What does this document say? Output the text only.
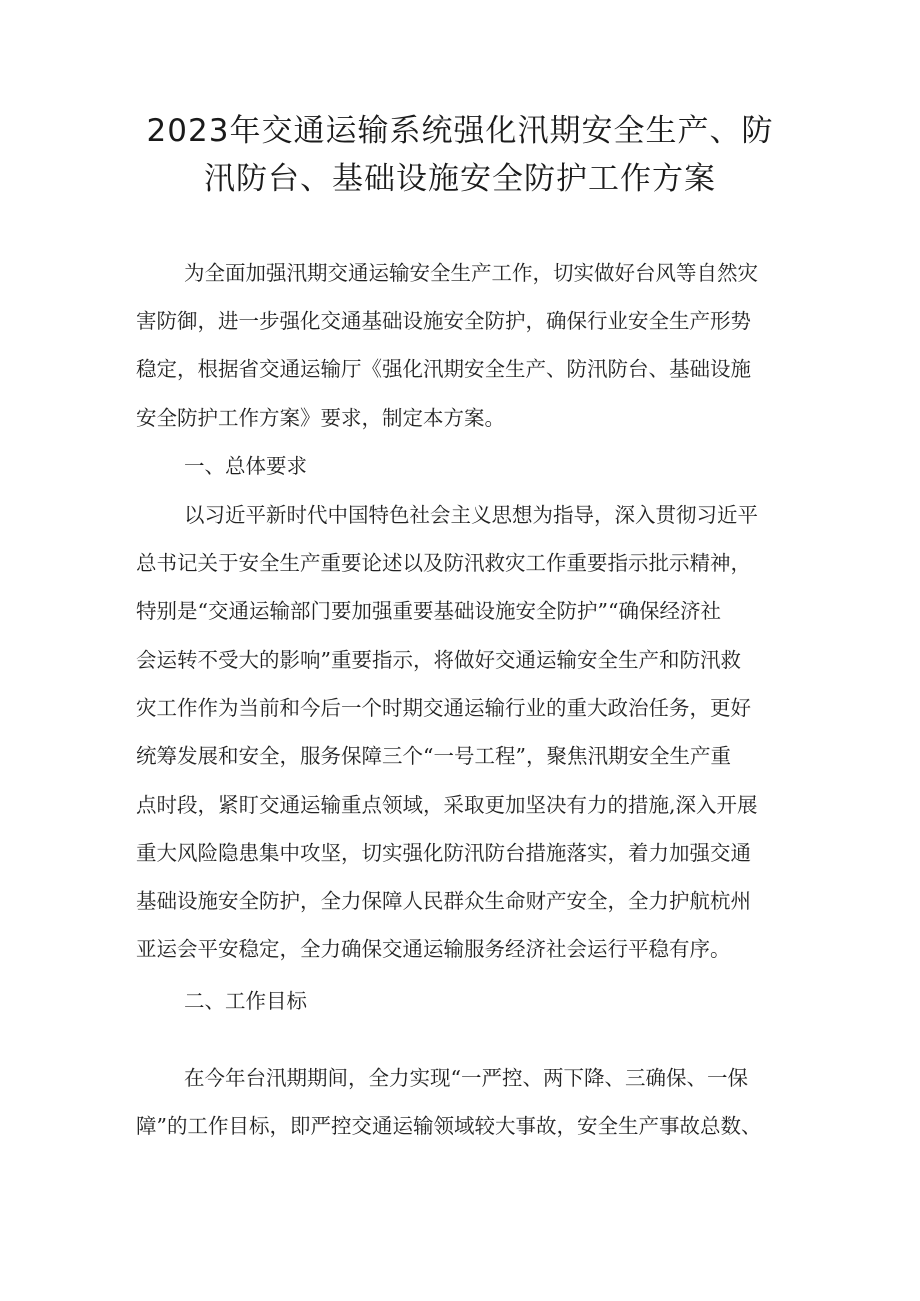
2023年交通运输系统强化汛期安全生产、防
汛防台、基础设施安全防护工作方案
为全面加强汛期交通运输安全生产工作，切实做好台风等自然灾
害防御，进一步强化交通基础设施安全防护，确保行业安全生产形势
稳定，根据省交通运输厅《强化汛期安全生产、防汛防台、基础设施
安全防护工作方案》要求，制定本方案。
一、总体要求
以习近平新时代中国特色社会主义思想为指导，深入贯彻习近平
总书记关于安全生产重要论述以及防汛救灾工作重要指示批示精神，
特别是“交通运输部门要加强重要基础设施安全防护”“确保经济社
会运转不受大的影响”重要指示，将做好交通运输安全生产和防汛救
灾工作作为当前和今后一个时期交通运输行业的重大政治任务，更好
统筹发展和安全，服务保障三个“一号工程”，聚焦汛期安全生产重
点时段，紧盯交通运输重点领域，采取更加坚决有力的措施,深入开展
重大风险隐患集中攻坚，切实强化防汛防台措施落实，着力加强交通
基础设施安全防护，全力保障人民群众生命财产安全，全力护航杭州
亚运会平安稳定，全力确保交通运输服务经济社会运行平稳有序。
二、工作目标
在今年台汛期期间，全力实现“一严控、两下降、三确保、一保
障”的工作目标，即严控交通运输领域较大事故，安全生产事故总数、
